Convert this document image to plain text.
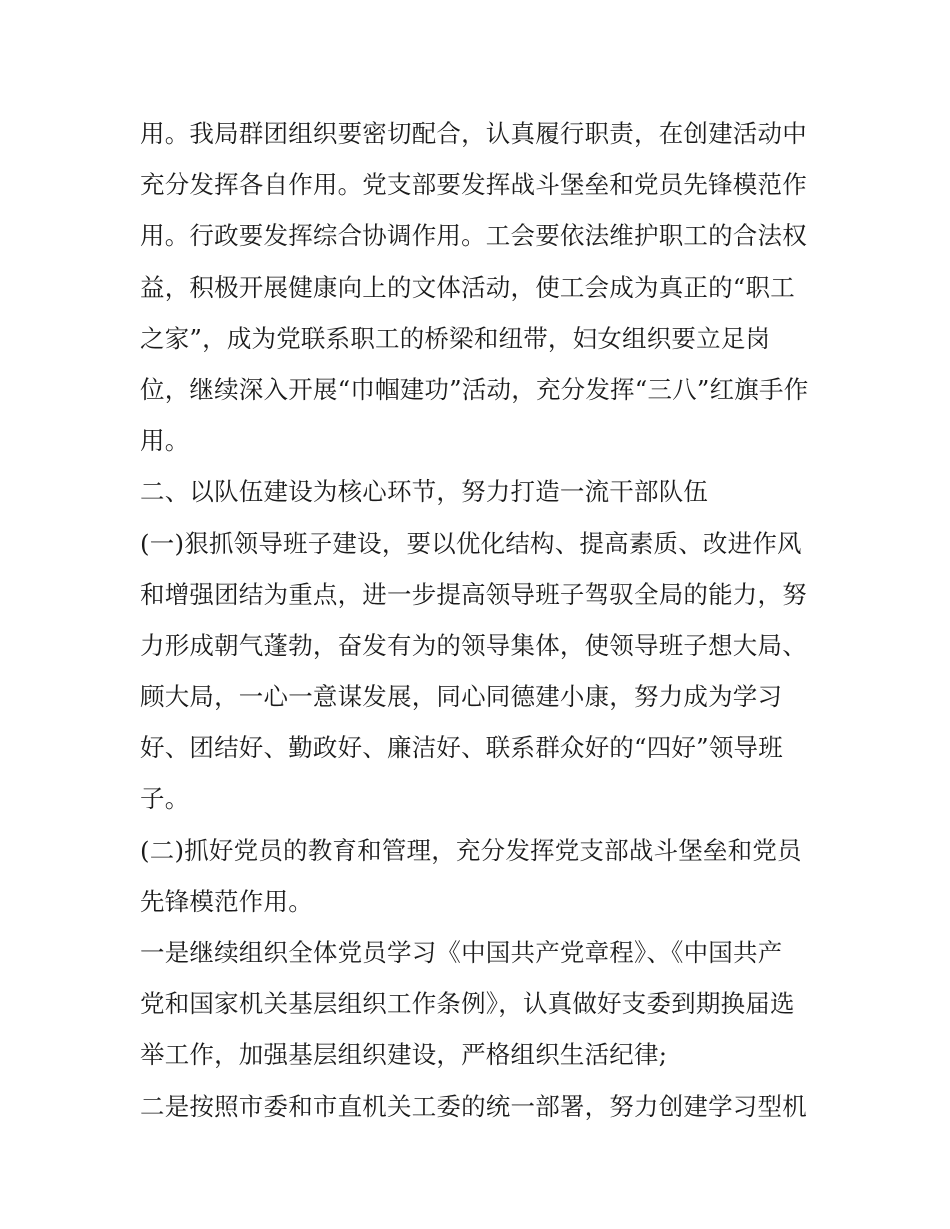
用。我局群团组织要密切配合，认真履行职责，在创建活动中
充分发挥各自作用。党支部要发挥战斗堡垒和党员先锋模范作
用。行政要发挥综合协调作用。工会要依法维护职工的合法权
益，积极开展健康向上的文体活动，使工会成为真正的“职工
之家”，成为党联系职工的桥梁和纽带，妇女组织要立足岗
位，继续深入开展“巾帼建功”活动，充分发挥“三八”红旗手作
用。
二、以队伍建设为核心环节，努力打造一流干部队伍
(一)狠抓领导班子建设，要以优化结构、提高素质、改进作风
和增强团结为重点，进一步提高领导班子驾驭全局的能力，努
力形成朝气蓬勃，奋发有为的领导集体，使领导班子想大局、
顾大局，一心一意谋发展，同心同德建小康，努力成为学习
好、团结好、勤政好、廉洁好、联系群众好的“四好”领导班
子。
(二)抓好党员的教育和管理，充分发挥党支部战斗堡垒和党员
先锋模范作用。
一是继续组织全体党员学习《中国共产党章程》、《中国共产
党和国家机关基层组织工作条例》，认真做好支委到期换届选
举工作，加强基层组织建设，严格组织生活纪律;
二是按照市委和市直机关工委的统一部署，努力创建学习型机
